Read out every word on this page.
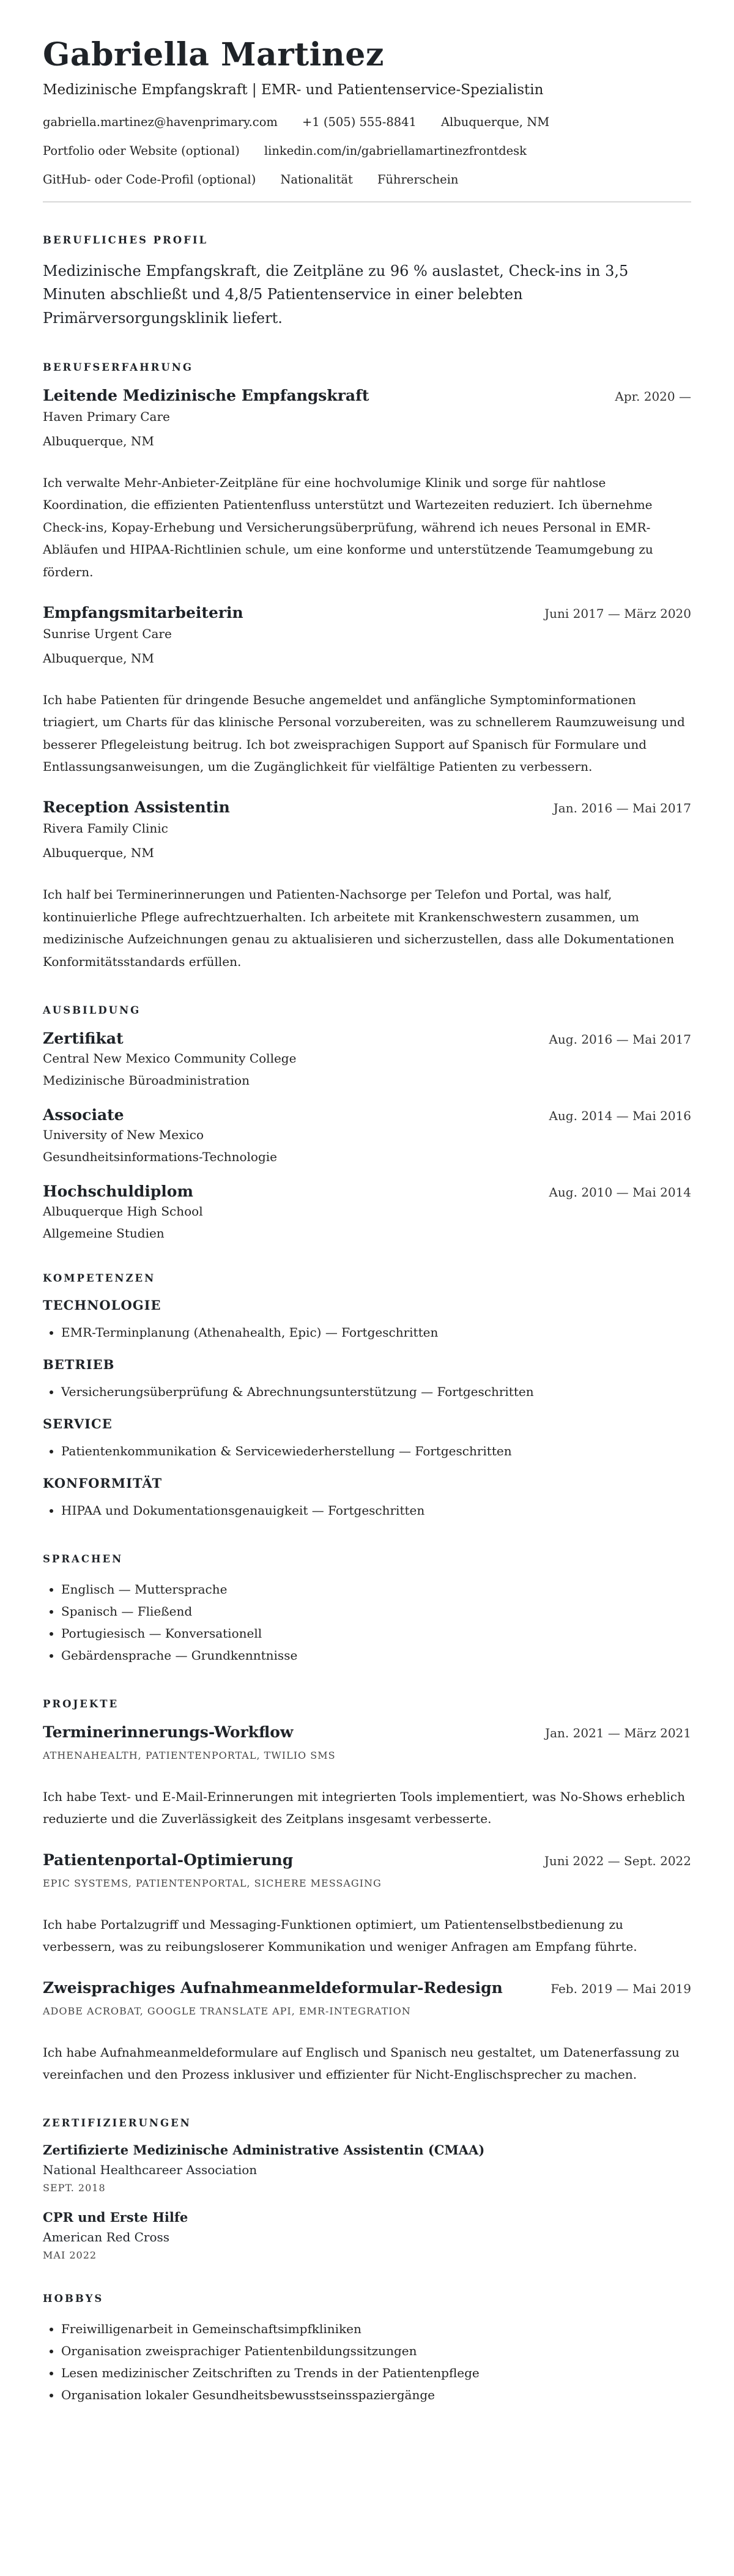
Gabriella Martinez
Medizinische Empfangskraft | EMR- und Patientenservice-Spezialistin
gabriella.martinez@havenprimary.com +1 (505) 555-8841 Albuquerque, NM
Portfolio oder Website (optional) linkedin.com/in/gabriellamartinezfrontdesk
GitHub- oder Code-Profil (optional) Nationalität Führerschein
BERUFLICHES PROFIL

Medizinische Empfangskraft, die Zeitpläne zu 96 % auslastet, Check-ins in 3,5 Minuten abschließt und 4,8/5 Patientenservice in einer belebten Primärversorgungsklinik liefert.

BERUFSERFAHRUNG
Leitende Medizinische Empfangskraft	Apr. 2020 —
Haven Primary Care
Albuquerque, NM
Ich verwalte Mehr-Anbieter-Zeitpläne für eine hochvolumige Klinik und sorge für nahtlose Koordination, die effizienten Patientenfluss unterstützt und Wartezeiten reduziert. Ich übernehme Check-ins, Kopay-Erhebung und Versicherungsüberprüfung, während ich neues Personal in EMR-Abläufen und HIPAA-Richtlinien schule, um eine konforme und unterstützende Teamumgebung zu fördern.
Empfangsmitarbeiterin	Juni 2017 — März 2020
Sunrise Urgent Care
Albuquerque, NM
Ich habe Patienten für dringende Besuche angemeldet und anfängliche Symptominformationen triagiert, um Charts für das klinische Personal vorzubereiten, was zu schnellerem Raumzuweisung und besserer Pflegeleistung beitrug. Ich bot zweisprachigen Support auf Spanisch für Formulare und Entlassungsanweisungen, um die Zugänglichkeit für vielfältige Patienten zu verbessern.
Reception Assistentin	Jan. 2016 — Mai 2017
Rivera Family Clinic
Albuquerque, NM
Ich half bei Terminerinnerungen und Patienten-Nachsorge per Telefon und Portal, was half, kontinuierliche Pflege aufrechtzuerhalten. Ich arbeitete mit Krankenschwestern zusammen, um medizinische Aufzeichnungen genau zu aktualisieren und sicherzustellen, dass alle Dokumentationen Konformitätsstandards erfüllen.
AUSBILDUNG
Zertifikat	Aug. 2016 — Mai 2017
Central New Mexico Community College
Medizinische Büroadministration
Associate	Aug. 2014 — Mai 2016
University of New Mexico
Gesundheitsinformations-Technologie
Hochschuldiplom	Aug. 2010 — Mai 2014
Albuquerque High School
Allgemeine Studien
KOMPETENZEN
TECHNOLOGIE
• EMR-Terminplanung (Athenahealth, Epic) — Fortgeschritten
BETRIEB
• Versicherungsüberprüfung & Abrechnungsunterstützung — Fortgeschritten
SERVICE
• Patientenkommunikation & Servicewiederherstellung — Fortgeschritten
KONFORMITÄT
• HIPAA und Dokumentationsgenauigkeit — Fortgeschritten
SPRACHEN
• Englisch — Muttersprache
• Spanisch — Fließend
• Portugiesisch — Konversationell
• Gebärdensprache — Grundkenntnisse
PROJEKTE
Terminerinnerungs-Workflow	Jan. 2021 — März 2021
ATHENAHEALTH, PATIENTENPORTAL, TWILIO SMS
Ich habe Text- und E-Mail-Erinnerungen mit integrierten Tools implementiert, was No-Shows erheblich reduzierte und die Zuverlässigkeit des Zeitplans insgesamt verbesserte.
Patientenportal-Optimierung	Juni 2022 — Sept. 2022
EPIC SYSTEMS, PATIENTENPORTAL, SICHERE MESSAGING
Ich habe Portalzugriff und Messaging-Funktionen optimiert, um Patientenselbstbedienung zu verbessern, was zu reibungsloserer Kommunikation und weniger Anfragen am Empfang führte.
Zweisprachiges Aufnahmeanmeldeformular-Redesign	Feb. 2019 — Mai 2019
ADOBE ACROBAT, GOOGLE TRANSLATE API, EMR-INTEGRATION
Ich habe Aufnahmeanmeldeformulare auf Englisch und Spanisch neu gestaltet, um Datenerfassung zu vereinfachen und den Prozess inklusiver und effizienter für Nicht-Englischsprecher zu machen.
ZERTIFIZIERUNGEN
Zertifizierte Medizinische Administrative Assistentin (CMAA)
National Healthcareer Association
SEPT. 2018
CPR und Erste Hilfe
American Red Cross
MAI 2022
HOBBYS
• Freiwilligenarbeit in Gemeinschaftsimpfkliniken
• Organisation zweisprachiger Patientenbildungssitzungen
• Lesen medizinischer Zeitschriften zu Trends in der Patientenpflege
• Organisation lokaler Gesundheitsbewusstseinsspaziergänge
